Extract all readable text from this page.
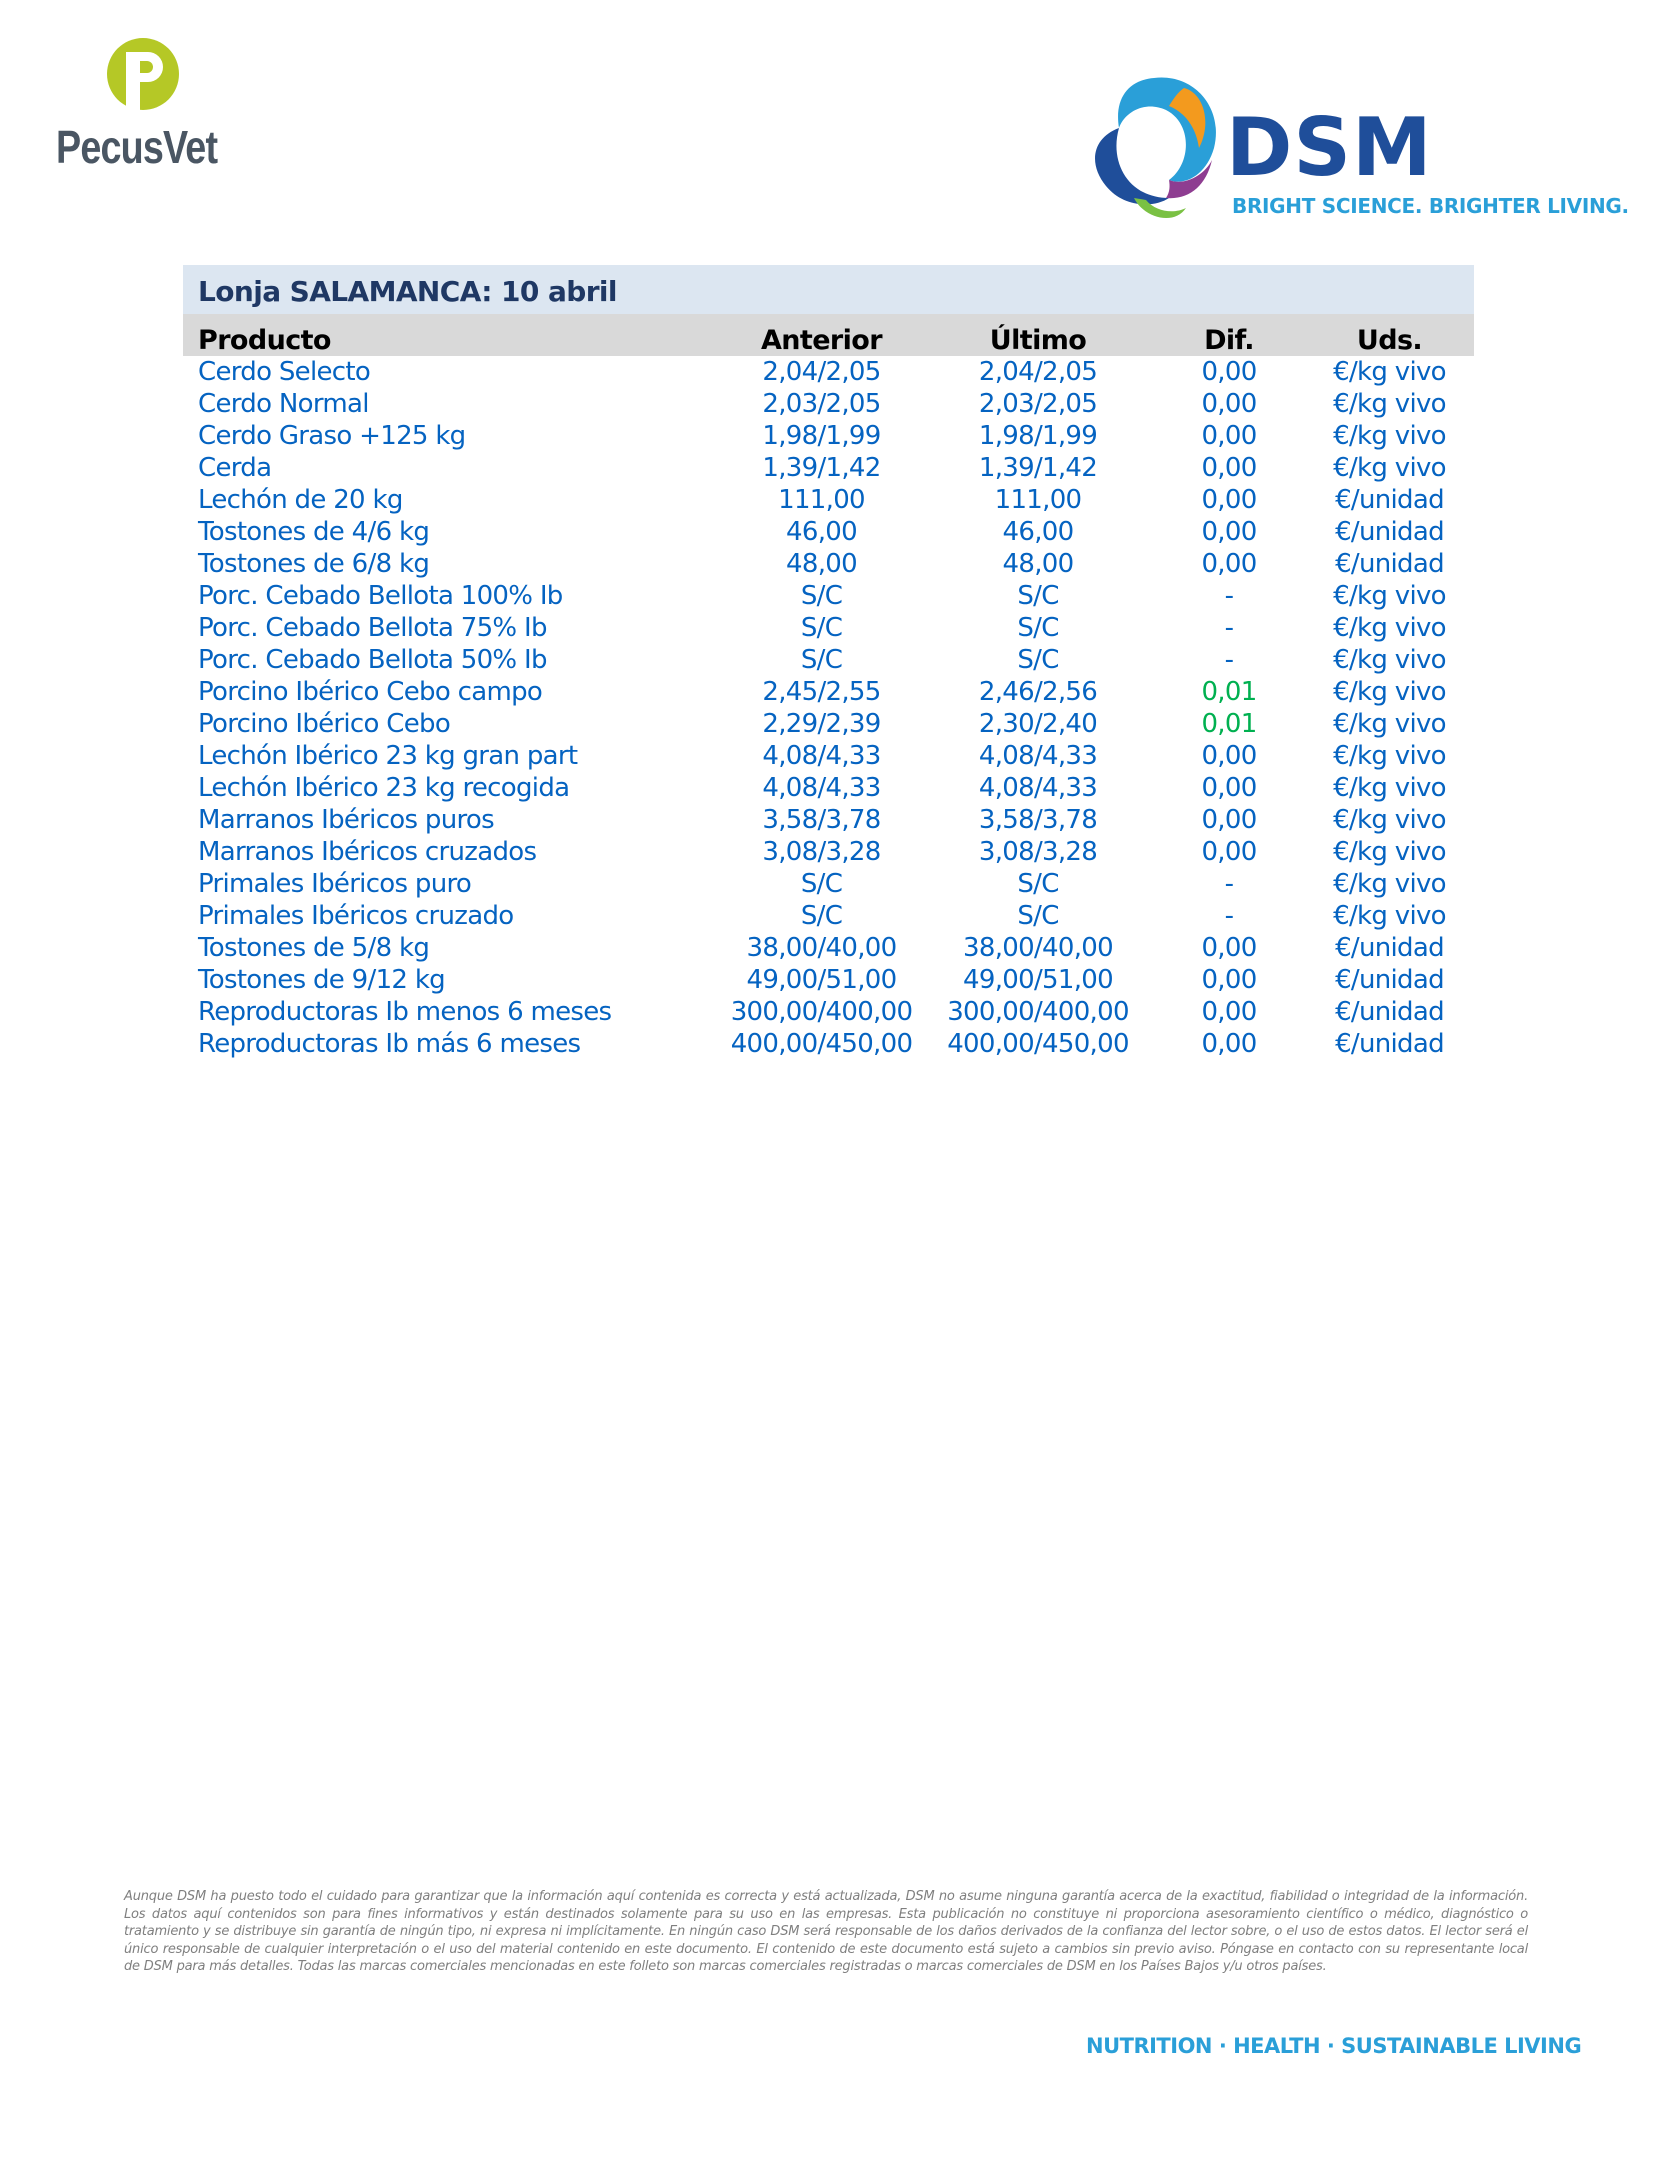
PecusVet	DSM
BRIGHT SCIENCE. BRIGHTER LIVING.
Lonja SALAMANCA: 10 abril				
Producto	Anterior	Último	Dif.	Uds.
Cerdo Selecto	2,04/2,05	2,04/2,05	0,00	€/kg vivo
Cerdo Normal	2,03/2,05	2,03/2,05	0,00	€/kg vivo
Cerdo Graso +125 kg	1,98/1,99	1,98/1,99	0,00	€/kg vivo
Cerda	1,39/1,42	1,39/1,42	0,00	€/kg vivo
Lechón de 20 kg	111,00	111,00	0,00	€/unidad
Tostones de 4/6 kg	46,00	46,00	0,00	€/unidad
Tostones de 6/8 kg	48,00	48,00	0,00	€/unidad
Porc. Cebado Bellota 100% Ib	S/C	S/C	-	€/kg vivo
Porc. Cebado Bellota 75% Ib	S/C	S/C	-	€/kg vivo
Porc. Cebado Bellota 50% Ib	S/C	S/C	-	€/kg vivo
Porcino Ibérico Cebo campo	2,45/2,55	2,46/2,56	0,01	€/kg vivo
Porcino Ibérico Cebo	2,29/2,39	2,30/2,40	0,01	€/kg vivo
Lechón Ibérico 23 kg gran part	4,08/4,33	4,08/4,33	0,00	€/kg vivo
Lechón Ibérico 23 kg recogida	4,08/4,33	4,08/4,33	0,00	€/kg vivo
Marranos Ibéricos puros	3,58/3,78	3,58/3,78	0,00	€/kg vivo
Marranos Ibéricos cruzados	3,08/3,28	3,08/3,28	0,00	€/kg vivo
Primales Ibéricos puro	S/C	S/C	-	€/kg vivo
Primales Ibéricos cruzado	S/C	S/C	-	€/kg vivo
Tostones de 5/8 kg	38,00/40,00	38,00/40,00	0,00	€/unidad
Tostones de 9/12 kg	49,00/51,00	49,00/51,00	0,00	€/unidad
Reproductoras Ib menos 6 meses	300,00/400,00	300,00/400,00	0,00	€/unidad
Reproductoras Ib más 6 meses	400,00/450,00	400,00/450,00	0,00	€/unidad
Aunque DSM ha puesto todo el cuidado para garantizar que la información aquí contenida es correcta y está actualizada, DSM no asume ninguna garantía acerca de la exactitud, fiabilidad o integridad de la información. Los datos aquí contenidos son para fines informativos y están destinados solamente para su uso en las empresas. Esta publicación no constituye ni proporciona asesoramiento científico o médico, diagnóstico o tratamiento y se distribuye sin garantía de ningún tipo, ni expresa ni implícitamente. En ningún caso DSM será responsable de los daños derivados de la confianza del lector sobre, o el uso de estos datos. El lector será el único responsable de cualquier interpretación o el uso del material contenido en este documento. El contenido de este documento está sujeto a cambios sin previo aviso. Póngase en contacto con su representante local de DSM para más detalles. Todas las marcas comerciales mencionadas en este folleto son marcas comerciales registradas o marcas comerciales de DSM en los Países Bajos y/u otros países.
NUTRITION · HEALTH · SUSTAINABLE LIVING
